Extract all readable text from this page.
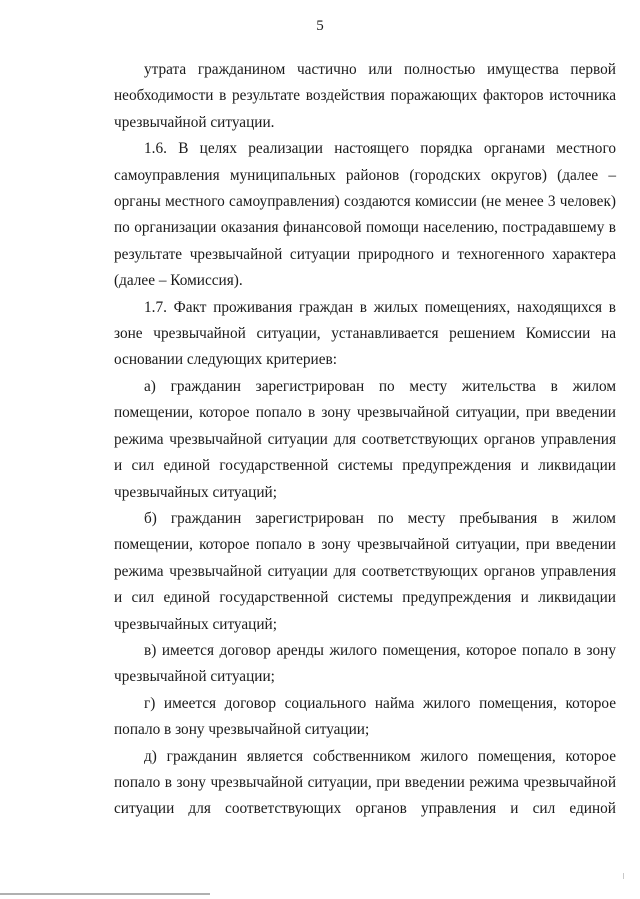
5

утрата гражданином частично или полностью имущества первой необходимости в результате воздействия поражающих факторов источника чрезвычайной ситуации.

1.6. В целях реализации настоящего порядка органами местного самоуправления муниципальных районов (городских округов) (далее – органы местного самоуправления) создаются комиссии (не менее 3 человек) по организации оказания финансовой помощи населению, пострадавшему в результате чрезвычайной ситуации природного и техногенного характера (далее – Комиссия).

1.7. Факт проживания граждан в жилых помещениях, находящихся в зоне чрезвычайной ситуации, устанавливается решением Комиссии на основании следующих критериев:

а) гражданин зарегистрирован по месту жительства в жилом помещении, которое попало в зону чрезвычайной ситуации, при введении режима чрезвычайной ситуации для соответствующих органов управления и сил единой государственной системы предупреждения и ликвидации чрезвычайных ситуаций;

б) гражданин зарегистрирован по месту пребывания в жилом помещении, которое попало в зону чрезвычайной ситуации, при введении режима чрезвычайной ситуации для соответствующих органов управления и сил единой государственной системы предупреждения и ликвидации чрезвычайных ситуаций;

в) имеется договор аренды жилого помещения, которое попало в зону чрезвычайной ситуации;

г) имеется договор социального найма жилого помещения, которое попало в зону чрезвычайной ситуации;

д) гражданин является собственником жилого помещения, которое попало в зону чрезвычайной ситуации, при введении режима чрезвычайной ситуации для соответствующих органов управления и сил единой
